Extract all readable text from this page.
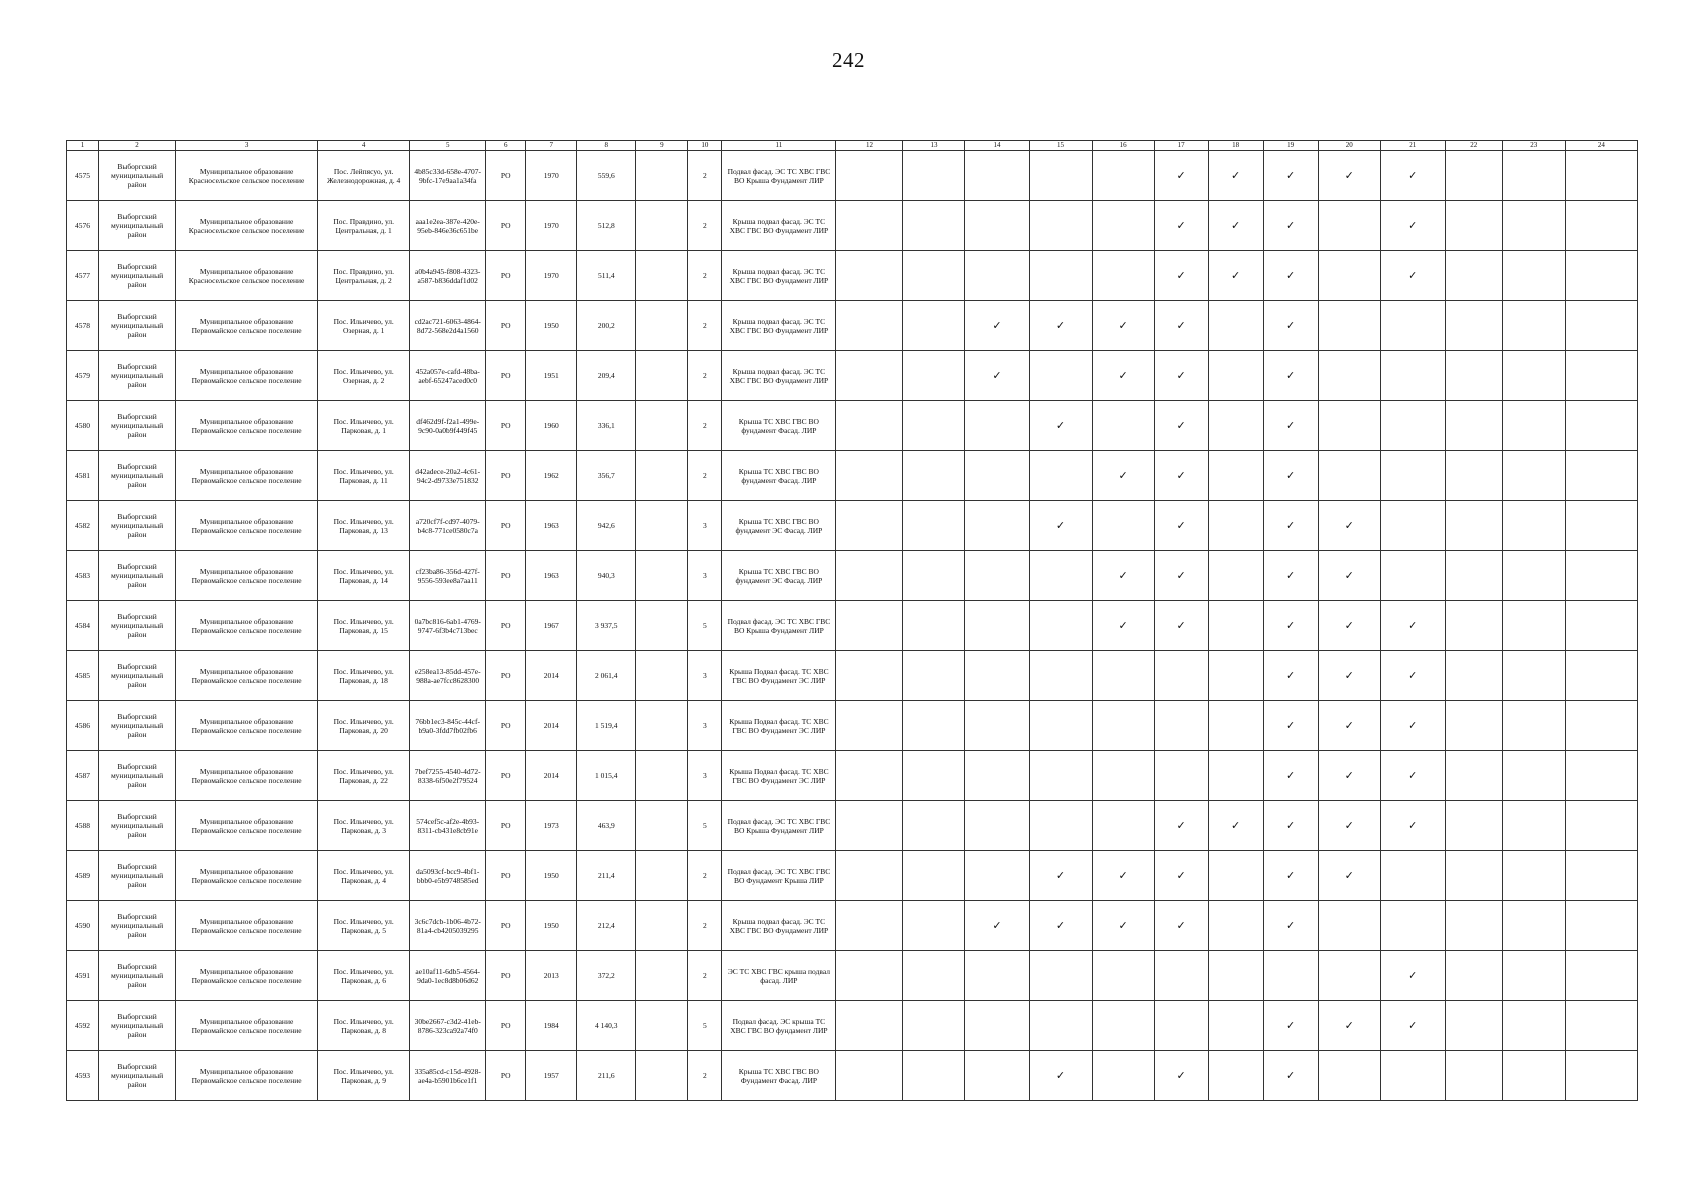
242
1	2	3	4	5	6	7	8	9	10	11	12	13	14	15	16	17	18	19	20	21	22	23	24
4575	Выборгский муниципальный район	Муниципальное образование Красносельское сельское поселение	Пос. Лейпясуо, ул. Железнодорожная, д. 4	4b85c33d-658e-4707-9bfc-17e9aa1a34fa	РО	1970	559,6		2	Подвал фасад. ЭС ТС ХВС ГВС ВО Крыша Фундамент ЛИР						✓	✓	✓	✓	✓			
4576	Выборгский муниципальный район	Муниципальное образование Красносельское сельское поселение	Пос. Правдино, ул. Центральная, д. 1	aaa1e2ea-387e-420e-95eb-846e36c651be	РО	1970	512,8		2	Крыша подвал фасад. ЭС ТС ХВС ГВС ВО Фундамент ЛИР						✓	✓	✓		✓			
4577	Выборгский муниципальный район	Муниципальное образование Красносельское сельское поселение	Пос. Правдино, ул. Центральная, д. 2	a0b4a945-f808-4323-a587-b836ddaf1d02	РО	1970	511,4		2	Крыша подвал фасад. ЭС ТС ХВС ГВС ВО Фундамент ЛИР						✓	✓	✓		✓			
4578	Выборгский муниципальный район	Муниципальное образование Первомайское сельское поселение	Пос. Ильичево, ул. Озерная, д. 1	cd2ac721-6063-4864-8d72-568e2d4a1560	РО	1950	200,2		2	Крыша подвал фасад. ЭС ТС ХВС ГВС ВО Фундамент ЛИР			✓	✓	✓	✓		✓					
4579	Выборгский муниципальный район	Муниципальное образование Первомайское сельское поселение	Пос. Ильичево, ул. Озерная, д. 2	452a057e-cafd-48ba-aebf-65247aced0c0	РО	1951	209,4		2	Крыша подвал фасад. ЭС ТС ХВС ГВС ВО Фундамент ЛИР			✓		✓	✓		✓					
4580	Выборгский муниципальный район	Муниципальное образование Первомайское сельское поселение	Пос. Ильичево, ул. Парковая, д. 1	df462d9f-f2a1-499e-9c90-0a0b9f449f45	РО	1960	336,1		2	Крыша ТС ХВС ГВС ВО фундамент Фасад. ЛИР				✓		✓		✓					
4581	Выборгский муниципальный район	Муниципальное образование Первомайское сельское поселение	Пос. Ильичево, ул. Парковая, д. 11	d42adece-20a2-4c61-94c2-d9733e751832	РО	1962	356,7		2	Крыша ТС ХВС ГВС ВО фундамент Фасад. ЛИР					✓	✓		✓					
4582	Выборгский муниципальный район	Муниципальное образование Первомайское сельское поселение	Пос. Ильичево, ул. Парковая, д. 13	a720cf7f-cd97-4079-b4c8-771ce0580c7a	РО	1963	942,6		3	Крыша ТС ХВС ГВС ВО фундамент ЭС Фасад. ЛИР				✓		✓		✓	✓				
4583	Выборгский муниципальный район	Муниципальное образование Первомайское сельское поселение	Пос. Ильичево, ул. Парковая, д. 14	cf23ba86-356d-427f-9556-593ee8a7aa11	РО	1963	940,3		3	Крыша ТС ХВС ГВС ВО фундамент ЭС Фасад. ЛИР					✓	✓		✓	✓				
4584	Выборгский муниципальный район	Муниципальное образование Первомайское сельское поселение	Пос. Ильичево, ул. Парковая, д. 15	0a7bc816-6ab1-4769-9747-6f3b4c713bec	РО	1967	3 937,5		5	Подвал фасад. ЭС ТС ХВС ГВС ВО Крыша Фундамент ЛИР					✓	✓		✓	✓	✓			
4585	Выборгский муниципальный район	Муниципальное образование Первомайское сельское поселение	Пос. Ильичево, ул. Парковая, д. 18	e258ea13-85dd-457e-988a-ae7fcc8628300	РО	2014	2 061,4		3	Крыша Подвал фасад. ТС ХВС ГВС ВО Фундамент ЭС ЛИР								✓	✓	✓			
4586	Выборгский муниципальный район	Муниципальное образование Первомайское сельское поселение	Пос. Ильичево, ул. Парковая, д. 20	76bb1ec3-845c-44cf-b9a0-3fdd7fb02fb6	РО	2014	1 519,4		3	Крыша Подвал фасад. ТС ХВС ГВС ВО Фундамент ЭС ЛИР								✓	✓	✓			
4587	Выборгский муниципальный район	Муниципальное образование Первомайское сельское поселение	Пос. Ильичево, ул. Парковая, д. 22	7bef7255-4540-4d72-8338-6f50e2f79524	РО	2014	1 015,4		3	Крыша Подвал фасад. ТС ХВС ГВС ВО Фундамент ЭС ЛИР								✓	✓	✓			
4588	Выборгский муниципальный район	Муниципальное образование Первомайское сельское поселение	Пос. Ильичево, ул. Парковая, д. 3	574cef5c-af2e-4b93-8311-cb431e8cb91e	РО	1973	463,9		5	Подвал фасад. ЭС ТС ХВС ГВС ВО Крыша Фундамент ЛИР						✓	✓	✓	✓	✓			
4589	Выборгский муниципальный район	Муниципальное образование Первомайское сельское поселение	Пос. Ильичево, ул. Парковая, д. 4	da5093cf-bcc9-4bf1-bbb0-e5b9748585ed	РО	1950	211,4		2	Подвал фасад. ЭС ТС ХВС ГВС ВО Фундамент Крыша ЛИР				✓	✓	✓		✓	✓				
4590	Выборгский муниципальный район	Муниципальное образование Первомайское сельское поселение	Пос. Ильичево, ул. Парковая, д. 5	3c6c7dcb-1b06-4b72-81a4-cb4205039295	РО	1950	212,4		2	Крыша подвал фасад. ЭС ТС ХВС ГВС ВО Фундамент ЛИР			✓	✓	✓	✓		✓					
4591	Выборгский муниципальный район	Муниципальное образование Первомайское сельское поселение	Пос. Ильичево, ул. Парковая, д. 6	ae10af11-6db5-4564-9da0-1ec8d8b06d62	РО	2013	372,2		2	ЭС ТС ХВС ГВС крыша подвал фасад. ЛИР										✓			
4592	Выборгский муниципальный район	Муниципальное образование Первомайское сельское поселение	Пос. Ильичево, ул. Парковая, д. 8	30be2667-c3d2-41eb-8786-323ca92a74f0	РО	1984	4 140,3		5	Подвал фасад. ЭС крыша ТС ХВС ГВС ВО фундамент ЛИР								✓	✓	✓			
4593	Выборгский муниципальный район	Муниципальное образование Первомайское сельское поселение	Пос. Ильичево, ул. Парковая, д. 9	335a85cd-c15d-4928-ae4a-b5901b6ce1f1	РО	1957	211,6		2	Крыша ТС ХВС ГВС ВО Фундамент Фасад. ЛИР				✓		✓		✓					
